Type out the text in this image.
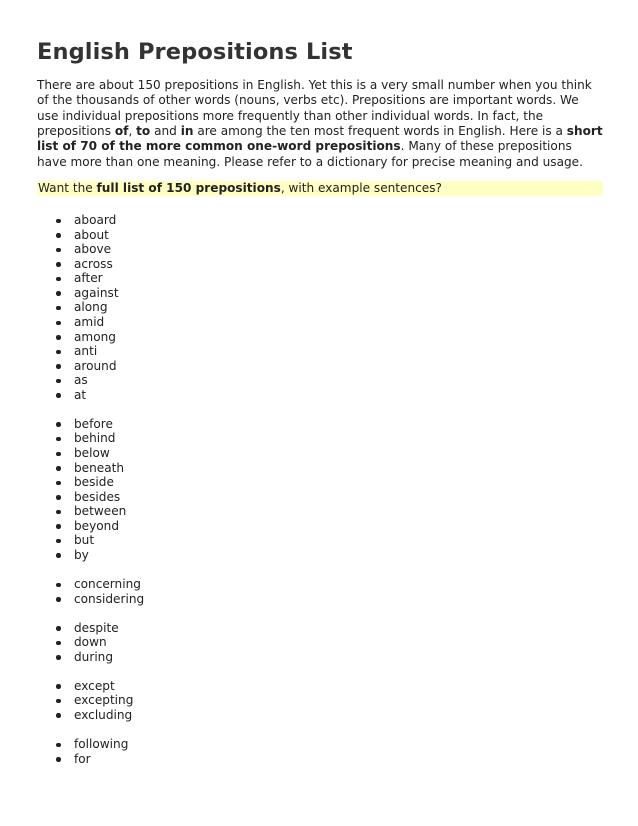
English Prepositions List

There are about 150 prepositions in English. Yet this is a very small number when you think of the thousands of other words (nouns, verbs etc). Prepositions are important words. We use individual prepositions more frequently than other individual words. In fact, the prepositions of, to and in are among the ten most frequent words in English. Here is a short list of 70 of the more common one-word prepositions. Many of these prepositions have more than one meaning. Please refer to a dictionary for precise meaning and usage.

Want the full list of 150 prepositions, with example sentences?
aboard
about
above
across
after
against
along
amid
among
anti
around
as
at
before
behind
below
beneath
beside
besides
between
beyond
but
by
concerning
considering
despite
down
during
except
excepting
excluding
following
for
